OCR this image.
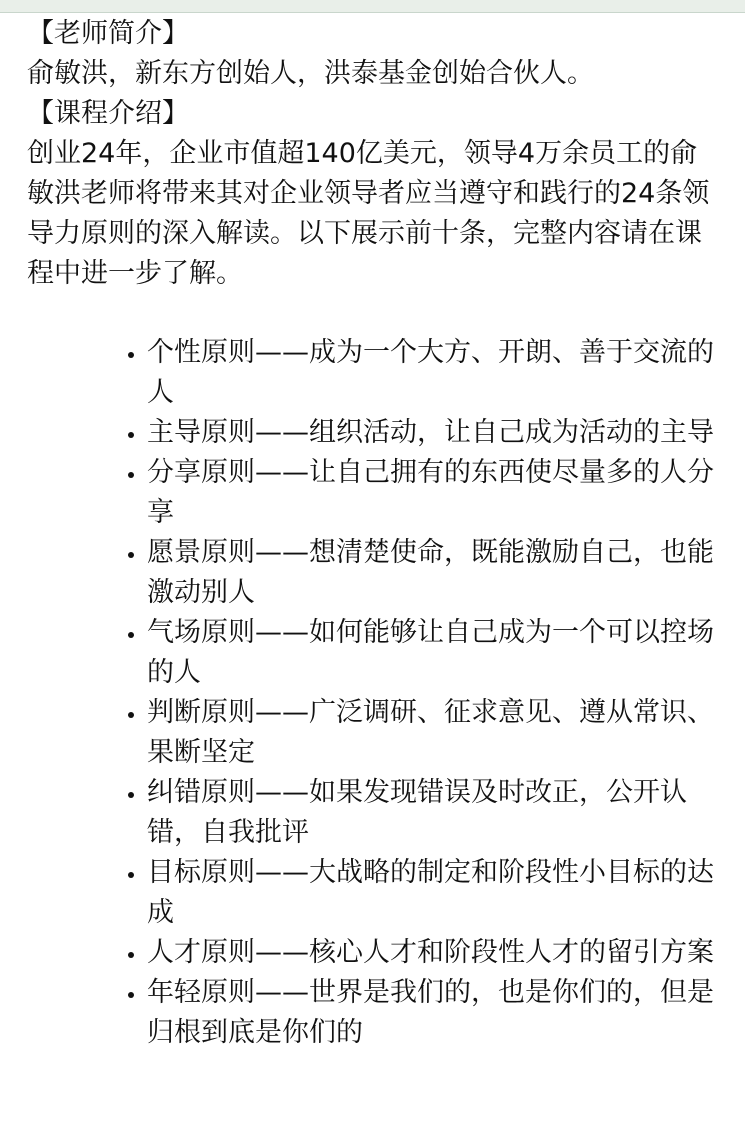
【老师简介】

俞敏洪，新东方创始人，洪泰基金创始合伙人。

【课程介绍】

创业24年，企业市值超140亿美元，领导4万余员工的俞敏洪老师将带来其对企业领导者应当遵守和践行的24条领导力原则的深入解读。以下展示前十条，完整内容请在课程中进一步了解。

• 个性原则——成为一个大方、开朗、善于交流的人
• 主导原则——组织活动，让自己成为活动的主导
• 分享原则——让自己拥有的东西使尽量多的人分享
• 愿景原则——想清楚使命，既能激励自己，也能激动别人
• 气场原则——如何能够让自己成为一个可以控场的人
• 判断原则——广泛调研、征求意见、遵从常识、果断坚定
• 纠错原则——如果发现错误及时改正，公开认错，自我批评
• 目标原则——大战略的制定和阶段性小目标的达成
• 人才原则——核心人才和阶段性人才的留引方案
• 年轻原则——世界是我们的，也是你们的，但是归根到底是你们的
